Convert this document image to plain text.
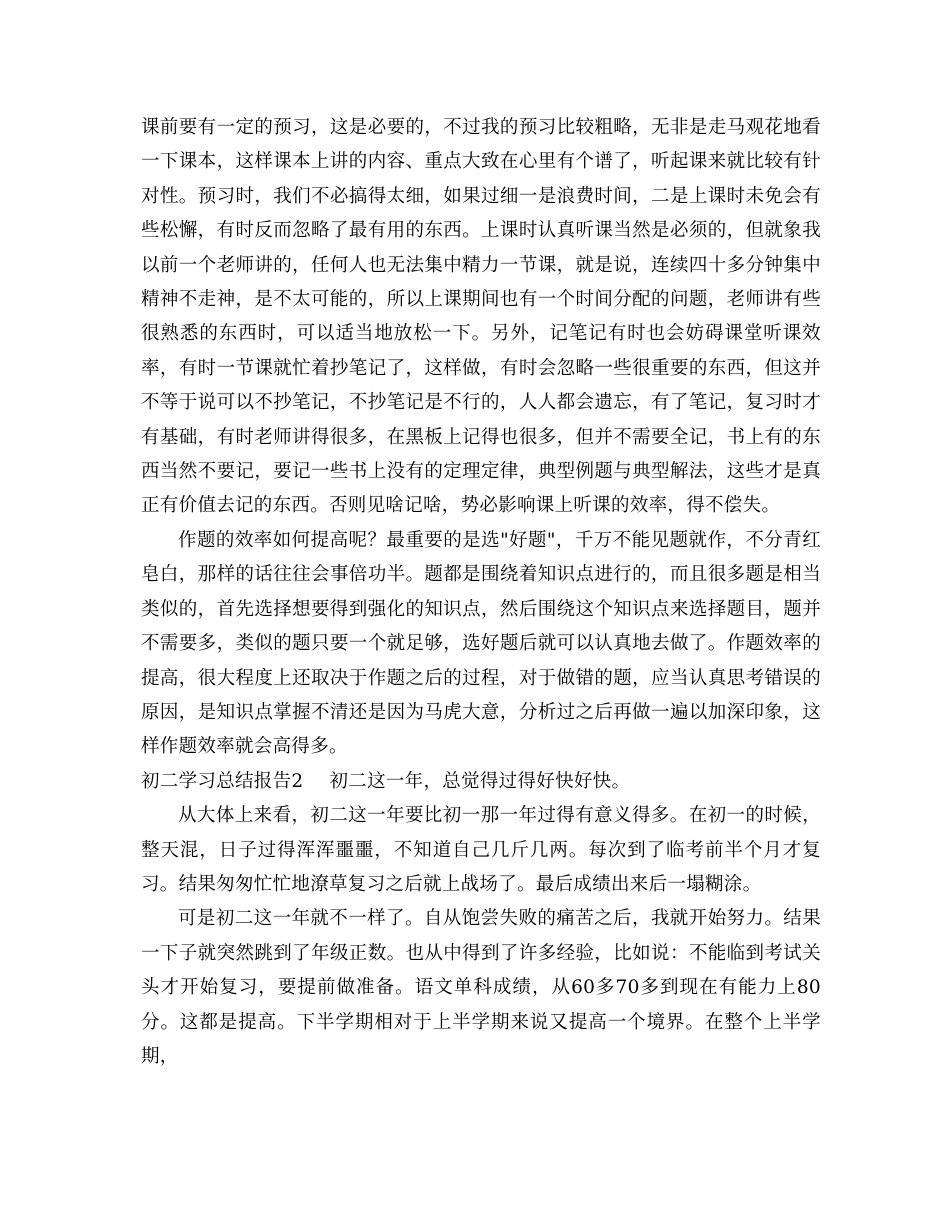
课前要有一定的预习，这是必要的，不过我的预习比较粗略，无非是走马观花地看一下课本，这样课本上讲的内容、重点大致在心里有个谱了，听起课来就比较有针对性。预习时，我们不必搞得太细，如果过细一是浪费时间，二是上课时未免会有些松懈，有时反而忽略了最有用的东西。上课时认真听课当然是必须的，但就象我以前一个老师讲的，任何人也无法集中精力一节课，就是说，连续四十多分钟集中精神不走神，是不太可能的，所以上课期间也有一个时间分配的问题，老师讲有些很熟悉的东西时，可以适当地放松一下。另外，记笔记有时也会妨碍课堂听课效率，有时一节课就忙着抄笔记了，这样做，有时会忽略一些很重要的东西，但这并不等于说可以不抄笔记，不抄笔记是不行的，人人都会遗忘，有了笔记，复习时才有基础，有时老师讲得很多，在黑板上记得也很多，但并不需要全记，书上有的东西当然不要记，要记一些书上没有的定理定律，典型例题与典型解法，这些才是真正有价值去记的东西。否则见啥记啥，势必影响课上听课的效率，得不偿失。

作题的效率如何提高呢？最重要的是选"好题"，千万不能见题就作，不分青红皂白，那样的话往往会事倍功半。题都是围绕着知识点进行的，而且很多题是相当类似的，首先选择想要得到强化的知识点，然后围绕这个知识点来选择题目，题并不需要多，类似的题只要一个就足够，选好题后就可以认真地去做了。作题效率的提高，很大程度上还取决于作题之后的过程，对于做错的题，应当认真思考错误的原因，是知识点掌握不清还是因为马虎大意，分析过之后再做一遍以加深印象，这样作题效率就会高得多。

初二学习总结报告2 初二这一年，总觉得过得好快好快。

从大体上来看，初二这一年要比初一那一年过得有意义得多。在初一的时候，整天混，日子过得浑浑噩噩，不知道自己几斤几两。每次到了临考前半个月才复习。结果匆匆忙忙地潦草复习之后就上战场了。最后成绩出来后一塌糊涂。

可是初二这一年就不一样了。自从饱尝失败的痛苦之后，我就开始努力。结果一下子就突然跳到了年级正数。也从中得到了许多经验，比如说：不能临到考试关头才开始复习，要提前做准备。语文单科成绩，从60多70多到现在有能力上80分。这都是提高。下半学期相对于上半学期来说又提高一个境界。在整个上半学期，
